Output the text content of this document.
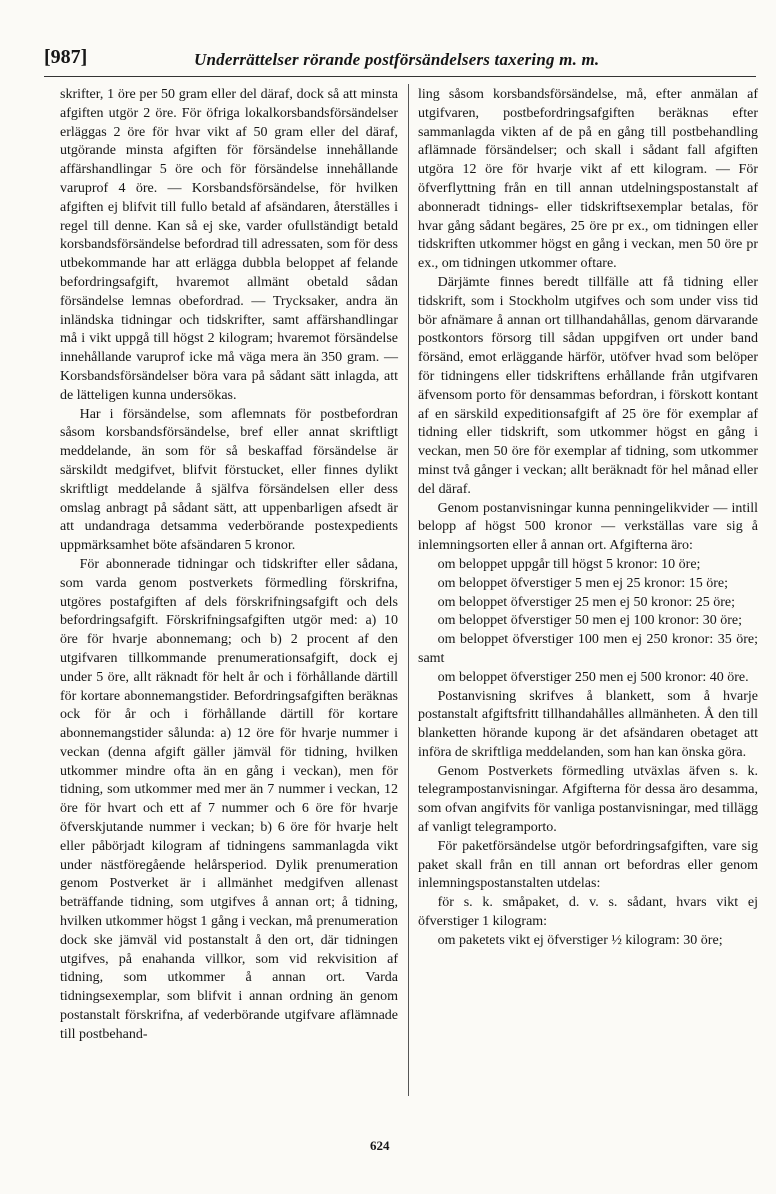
[987]	Underrättelser rörande postförsändelsers taxering m. m.

skrifter, 1 öre per 50 gram eller del däraf, dock så att minsta afgiften utgör 2 öre. För öfriga lokalkorsbandsförsändelser erläggas 2 öre för hvar vikt af 50 gram eller del däraf, utgörande minsta afgiften för försändelse innehållande affärshandlingar 5 öre och för försändelse innehållande varuprof 4 öre. — Korsbandsförsändelse, för hvilken afgiften ej blifvit till fullo betald af afsändaren, återställes i regel till denne. Kan så ej ske, varder ofullständigt betald korsbandsförsändelse befordrad till adressaten, som för dess utbekommande har att erlägga dubbla beloppet af felande befordringsafgift, hvaremot allmänt obetald sådan försändelse lemnas obefordrad. — Trycksaker, andra än inländska tidningar och tidskrifter, samt affärshandlingar må i vikt uppgå till högst 2 kilogram; hvaremot försändelse innehållande varuprof icke må väga mera än 350 gram. — Korsbandsförsändelser böra vara på sådant sätt inlagda, att de lätteligen kunna undersökas.

Har i försändelse, som aflemnats för postbefordran såsom korsbandsförsändelse, bref eller annat skriftligt meddelande, än som för så beskaffad försändelse är särskildt medgifvet, blifvit förstucket, eller finnes dylikt skriftligt meddelande å själfva försändelsen eller dess omslag anbragt på sådant sätt, att uppenbarligen afsedt är att undandraga detsamma vederbörande postexpedients uppmärksamhet böte afsändaren 5 kronor.

För abonnerade tidningar och tidskrifter eller sådana, som varda genom postverkets förmedling förskrifna, utgöres postafgiften af dels förskrifningsafgift och dels befordringsafgift. Förskrifningsafgiften utgör med: a) 10 öre för hvarje abonnemang; och b) 2 procent af den utgifvaren tillkommande prenumerationsafgift, dock ej under 5 öre, allt räknadt för helt år och i förhållande därtill för kortare abonnemangstider. Befordringsafgiften beräknas ock för år och i förhållande därtill för kortare abonnemangstider sålunda: a) 12 öre för hvarje nummer i veckan (denna afgift gäller jämväl för tidning, hvilken utkommer mindre ofta än en gång i veckan), men för tidning, som utkommer med mer än 7 nummer i veckan, 12 öre för hvart och ett af 7 nummer och 6 öre för hvarje öfverskjutande nummer i veckan; b) 6 öre för hvarje helt eller påbörjadt kilogram af tidningens sammanlagda vikt under nästföregående helårsperiod. Dylik prenumeration genom Postverket är i allmänhet medgifven allenast beträffande tidning, som utgifves å annan ort; å tidning, hvilken utkommer högst 1 gång i veckan, må prenumeration dock ske jämväl vid postanstalt å den ort, där tidningen utgifves, på enahanda villkor, som vid rekvisition af tidning, som utkommer å annan ort. Varda tidningsexemplar, som blifvit i annan ordning än genom postanstalt förskrifna, af vederbörande utgifvare aflämnade till postbehand-

ling såsom korsbandsförsändelse, må, efter anmälan af utgifvaren, postbefordringsafgiften beräknas efter sammanlagda vikten af de på en gång till postbehandling aflämnade försändelser; och skall i sådant fall afgiften utgöra 12 öre för hvarje vikt af ett kilogram. — För öfverflyttning från en till annan utdelningspostanstalt af abonneradt tidnings- eller tidskriftsexemplar betalas, för hvar gång sådant begäres, 25 öre pr ex., om tidningen eller tidskriften utkommer högst en gång i veckan, men 50 öre pr ex., om tidningen utkommer oftare.

Därjämte finnes beredt tillfälle att få tidning eller tidskrift, som i Stockholm utgifves och som under viss tid bör afnämare å annan ort tillhandahållas, genom därvarande postkontors försorg till sådan uppgifven ort under band försänd, emot erläggande härför, utöfver hvad som belöper för tidningens eller tidskriftens erhållande från utgifvaren äfvensom porto för densammas befordran, i förskott kontant af en särskild expeditionsafgift af 25 öre för exemplar af tidning eller tidskrift, som utkommer högst en gång i veckan, men 50 öre för exemplar af tidning, som utkommer minst två gånger i veckan; allt beräknadt för hel månad eller del däraf.

Genom postanvisningar kunna penningelikvider — intill belopp af högst 500 kronor — verkställas vare sig å inlemningsorten eller å annan ort. Afgifterna äro:

om beloppet uppgår till högst 5 kronor: 10 öre;

om beloppet öfverstiger 5 men ej 25 kronor: 15 öre;

om beloppet öfverstiger 25 men ej 50 kronor: 25 öre;

om beloppet öfverstiger 50 men ej 100 kronor: 30 öre;

om beloppet öfverstiger 100 men ej 250 kronor: 35 öre; samt

om beloppet öfverstiger 250 men ej 500 kronor: 40 öre.

Postanvisning skrifves å blankett, som å hvarje postanstalt afgiftsfritt tillhandahålles allmänheten. Å den till blanketten hörande kupong är det afsändaren obetaget att införa de skriftliga meddelanden, som han kan önska göra.

Genom Postverkets förmedling utväxlas äfven s. k. telegrampostanvisningar. Afgifterna för dessa äro desamma, som ofvan angifvits för vanliga postanvisningar, med tillägg af vanligt telegramporto.

För paketförsändelse utgör befordringsafgiften, vare sig paket skall från en till annan ort befordras eller genom inlemningspostanstalten utdelas:

för s. k. småpaket, d. v. s. sådant, hvars vikt ej öfverstiger 1 kilogram:

om paketets vikt ej öfverstiger ½ kilogram: 30 öre;

624
